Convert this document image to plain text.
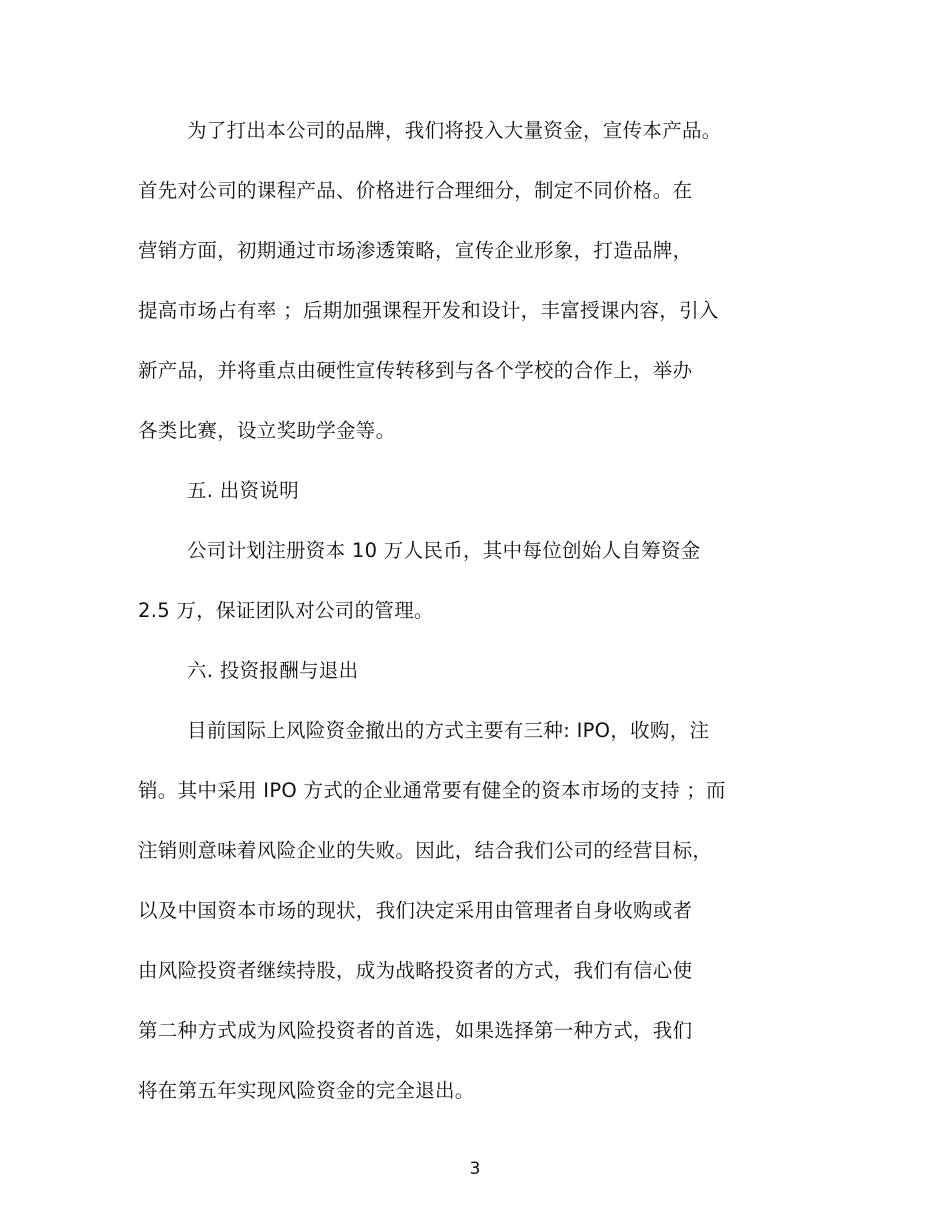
为了打出本公司的品牌，我们将投入大量资金，宣传本产品。
首先对公司的课程产品、价格进行合理细分，制定不同价格。在
营销方面，初期通过市场渗透策略，宣传企业形象，打造品牌，
提高市场占有率 ；后期加强课程开发和设计，丰富授课内容，引入
新产品，并将重点由硬性宣传转移到与各个学校的合作上，举办
各类比赛，设立奖助学金等。
五. 出资说明
公司计划注册资本 10 万人民币，其中每位创始人自筹资金
2.5 万，保证团队对公司的管理。
六. 投资报酬与退出
目前国际上风险资金撤出的方式主要有三种: IPO，收购，注
销。其中采用 IPO 方式的企业通常要有健全的资本市场的支持 ；而
注销则意味着风险企业的失败。因此，结合我们公司的经营目标，
以及中国资本市场的现状，我们决定采用由管理者自身收购或者
由风险投资者继续持股，成为战略投资者的方式，我们有信心使
第二种方式成为风险投资者的首选，如果选择第一种方式，我们
将在第五年实现风险资金的完全退出。
3
